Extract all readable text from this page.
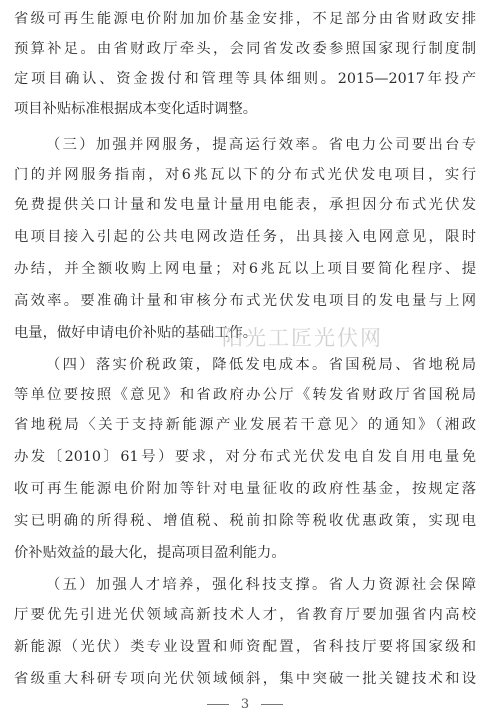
省级可再生能源电价附加加价基金安排，不足部分由省财政安排
预算补足。由省财政厅牵头，会同省发改委参照国家现行制度制
定项目确认、资金拨付和管理等具体细则。2015—2017年投产
项目补贴标准根据成本变化适时调整。
（三）加强并网服务，提高运行效率。省电力公司要出台专
门的并网服务指南，对6兆瓦以下的分布式光伏发电项目，实行
免费提供关口计量和发电量计量用电能表，承担因分布式光伏发
电项目接入引起的公共电网改造任务，出具接入电网意见，限时
办结，并全额收购上网电量；对6兆瓦以上项目要简化程序、提
高效率。要准确计量和审核分布式光伏发电项目的发电量与上网
电量，做好申请电价补贴的基础工作。
（四）落实价税政策，降低发电成本。省国税局、省地税局
等单位要按照《意见》和省政府办公厅《转发省财政厅省国税局
省地税局〈关于支持新能源产业发展若干意见〉的通知》（湘政
办发〔2010〕61号）要求，对分布式光伏发电自发自用电量免
收可再生能源电价附加等针对电量征收的政府性基金，按规定落
实已明确的所得税、增值税、税前扣除等税收优惠政策，实现电
价补贴效益的最大化，提高项目盈利能力。
（五）加强人才培养，强化科技支撑。省人力资源社会保障
厅要优先引进光伏领域高新技术人才，省教育厅要加强省内高校
新能源（光伏）类专业设置和师资配置，省科技厅要将国家级和
省级重大科研专项向光伏领域倾斜，集中突破一批关键技术和设
阳光工匠光伏网
3
